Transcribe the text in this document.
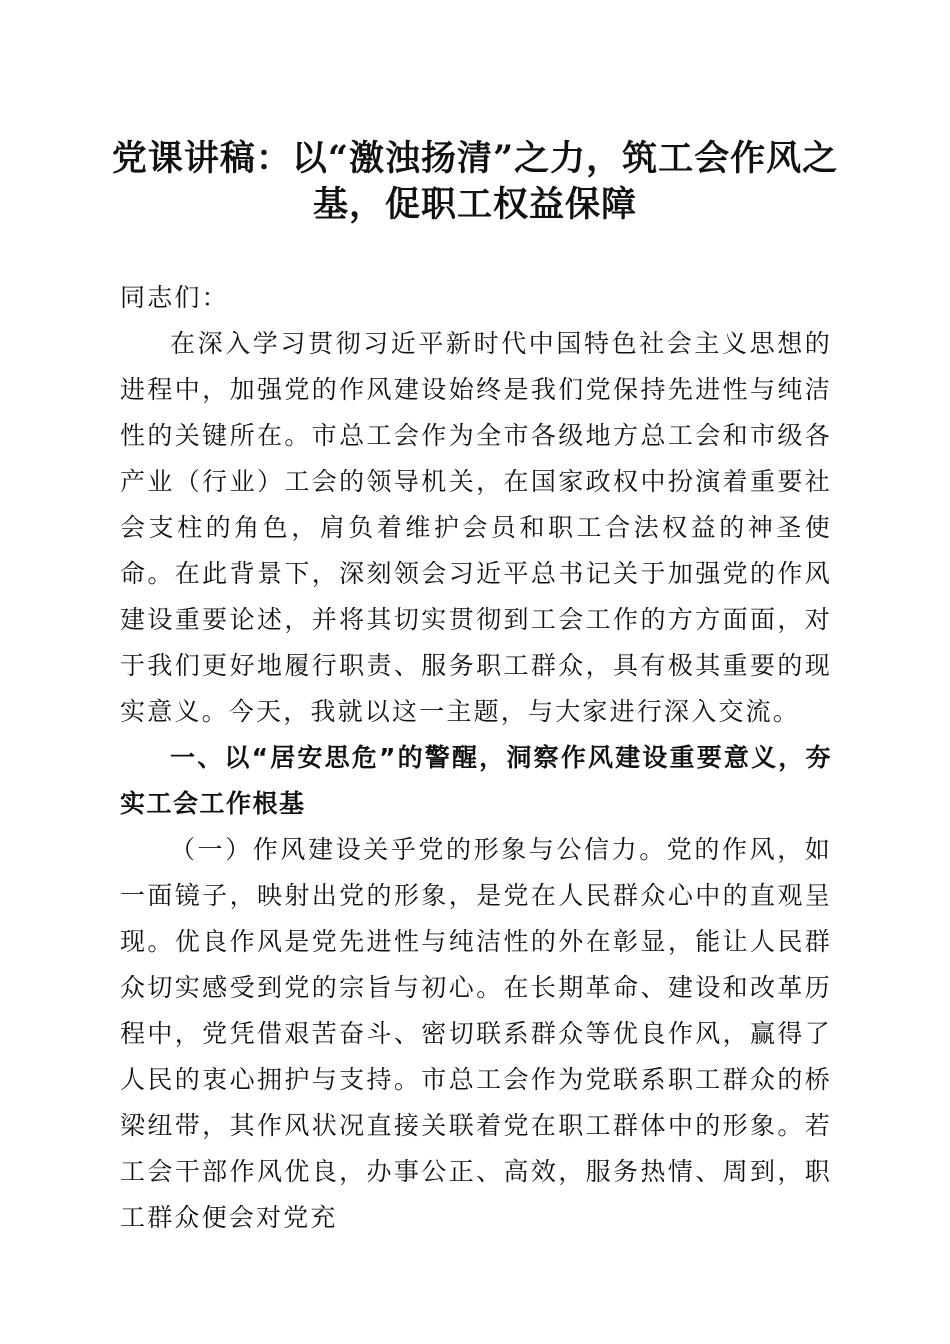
党课讲稿：以“激浊扬清”之力，筑工会作风之基，促职工权益保障

同志们：

在深入学习贯彻习近平新时代中国特色社会主义思想的进程中，加强党的作风建设始终是我们党保持先进性与纯洁性的关键所在。市总工会作为全市各级地方总工会和市级各产业（行业）工会的领导机关，在国家政权中扮演着重要社会支柱的角色，肩负着维护会员和职工合法权益的神圣使命。在此背景下，深刻领会习近平总书记关于加强党的作风建设重要论述，并将其切实贯彻到工会工作的方方面面，对于我们更好地履行职责、服务职工群众，具有极其重要的现实意义。今天，我就以这一主题，与大家进行深入交流。

一、以“居安思危”的警醒，洞察作风建设重要意义，夯实工会工作根基

（一）作风建设关乎党的形象与公信力。党的作风，如一面镜子，映射出党的形象，是党在人民群众心中的直观呈现。优良作风是党先进性与纯洁性的外在彰显，能让人民群众切实感受到党的宗旨与初心。在长期革命、建设和改革历程中，党凭借艰苦奋斗、密切联系群众等优良作风，赢得了人民的衷心拥护与支持。市总工会作为党联系职工群众的桥梁纽带，其作风状况直接关联着党在职工群体中的形象。若工会干部作风优良，办事公正、高效，服务热情、周到，职工群众便会对党充
